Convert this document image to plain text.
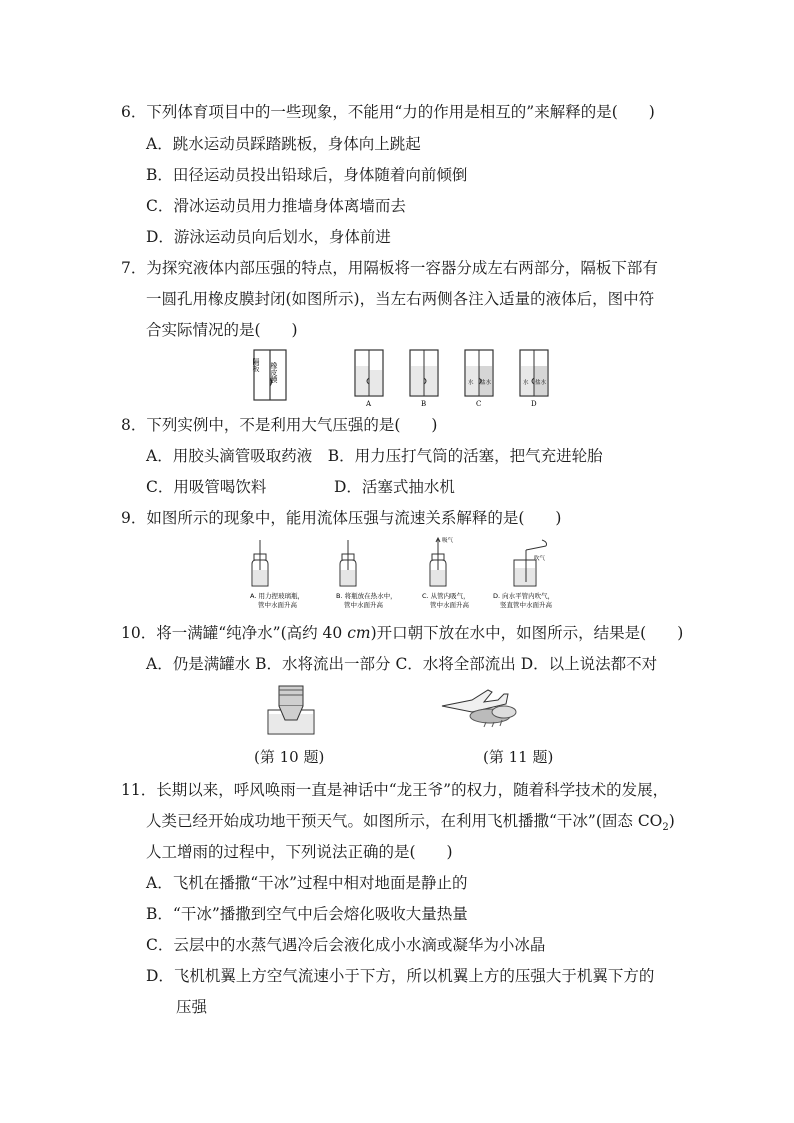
6．下列体育项目中的一些现象，不能用“力的作用是相互的”来解释的是(　　)
A．跳水运动员踩踏跳板，身体向上跳起
B．田径运动员投出铅球后，身体随着向前倾倒
C．滑冰运动员用力推墙身体离墙而去
D．游泳运动员向后划水，身体前进
7．为探究液体内部压强的特点，用隔板将一容器分成左右两部分，隔板下部有
一圆孔用橡皮膜封闭(如图所示)，当左右两侧各注入适量的液体后，图中符
合实际情况的是(　　)
隔板 橡皮膜
A	B
水 盐水
C
水 盐水
D
8．下列实例中，不是利用大气压强的是(　　)
A．用胶头滴管吸取药液　B．用力压打气筒的活塞，把气充进轮胎
C．用吸管喝饮料	D．活塞式抽水机
9．如图所示的现象中，能用流体压强与流速关系解释的是(　　)
A. 用力捏玻璃瓶，
管中水面升高
B. 将瓶放在热水中，
管中水面升高
吸气
C. 从管内吸气，
管中水面升高
吹气
D. 向水平管内吹气，
竖直管中水面升高
10．将一满罐“纯净水”(高约 40 cm)开口朝下放在水中，如图所示，结果是(　　)
A．仍是满罐水 B．水将流出一部分 C．水将全部流出 D．以上说法都不对
(第 10 题)	(第 11 题)
11．长期以来，呼风唤雨一直是神话中“龙王爷”的权力，随着科学技术的发展，
人类已经开始成功地干预天气。如图所示，在利用飞机播撒“干冰”(固态 $CO_2$)
人工增雨的过程中，下列说法正确的是(　　)
A．飞机在播撒“干冰”过程中相对地面是静止的
B．“干冰”播撒到空气中后会熔化吸收大量热量
C．云层中的水蒸气遇冷后会液化成小水滴或凝华为小冰晶
D．飞机机翼上方空气流速小于下方，所以机翼上方的压强大于机翼下方的
压强
